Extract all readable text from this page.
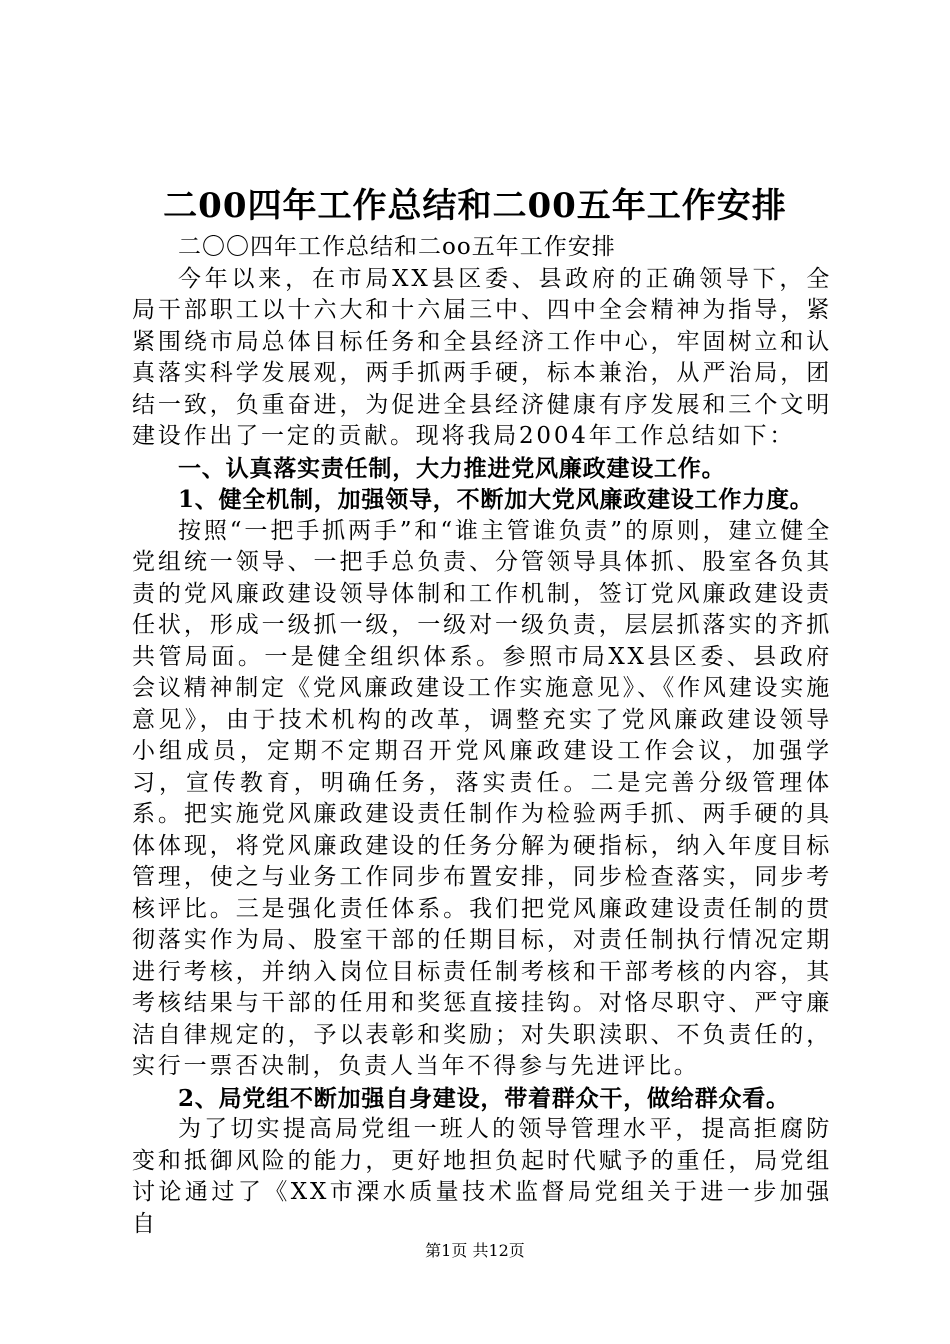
二00四年工作总结和二00五年工作安排

二〇〇四年工作总结和二oo五年工作安排

今年以来，在市局XX县区委、县政府的正确领导下，全局干部职工以十六大和十六届三中、四中全会精神为指导，紧紧围绕市局总体目标任务和全县经济工作中心，牢固树立和认真落实科学发展观，两手抓两手硬，标本兼治，从严治局，团结一致，负重奋进，为促进全县经济健康有序发展和三个文明建设作出了一定的贡献。现将我局2004年工作总结如下：

一、认真落实责任制，大力推进党风廉政建设工作。

1、健全机制，加强领导，不断加大党风廉政建设工作力度。

按照“一把手抓两手”和“谁主管谁负责”的原则，建立健全党组统一领导、一把手总负责、分管领导具体抓、股室各负其责的党风廉政建设领导体制和工作机制，签订党风廉政建设责任状，形成一级抓一级，一级对一级负责，层层抓落实的齐抓共管局面。一是健全组织体系。参照市局XX县区委、县政府会议精神制定《党风廉政建设工作实施意见》、《作风建设实施意见》，由于技术机构的改革，调整充实了党风廉政建设领导小组成员，定期不定期召开党风廉政建设工作会议，加强学习，宣传教育，明确任务，落实责任。二是完善分级管理体系。把实施党风廉政建设责任制作为检验两手抓、两手硬的具体体现，将党风廉政建设的任务分解为硬指标，纳入年度目标管理，使之与业务工作同步布置安排，同步检查落实，同步考核评比。三是强化责任体系。我们把党风廉政建设责任制的贯彻落实作为局、股室干部的任期目标，对责任制执行情况定期进行考核，并纳入岗位目标责任制考核和干部考核的内容，其考核结果与干部的任用和奖惩直接挂钩。对恪尽职守、严守廉洁自律规定的，予以表彰和奖励；对失职渎职、不负责任的，实行一票否决制，负责人当年不得参与先进评比。

2、局党组不断加强自身建设，带着群众干，做给群众看。

为了切实提高局党组一班人的领导管理水平，提高拒腐防变和抵御风险的能力，更好地担负起时代赋予的重任，局党组讨论通过了《XX市溧水质量技术监督局党组关于进一步加强自

第1页 共12页
